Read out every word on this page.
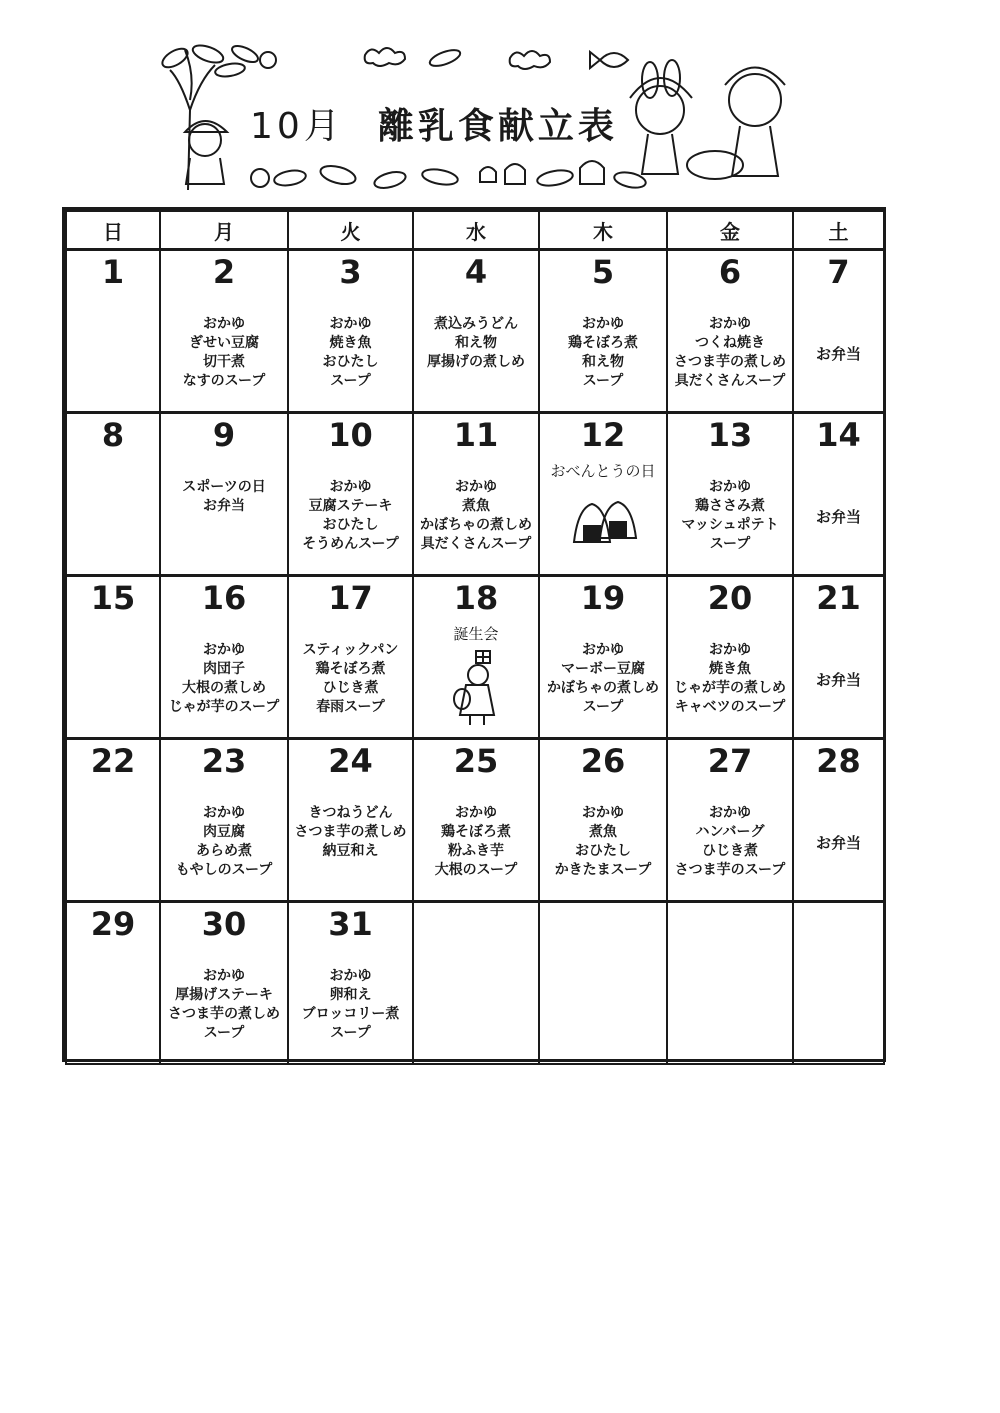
10月 離乳食献立表
日	月	火	水	木	金	土

1	2
おかゆ
ぎせい豆腐
切干煮
なすのスープ	3
おかゆ
焼き魚
おひたし
スープ	4
煮込みうどん
和え物
厚揚げの煮しめ	5
おかゆ
鶏そぼろ煮
和え物
スープ	6
おかゆ
つくね焼き
さつま芋の煮しめ
具だくさんスープ	7
お弁当

8	9
スポーツの日
お弁当	10
おかゆ
豆腐ステーキ
おひたし
そうめんスープ	11
おかゆ
煮魚
かぼちゃの煮しめ
具だくさんスープ	12
おべんとうの日	13
おかゆ
鶏ささみ煮
マッシュポテト
スープ	14
お弁当

15	16
おかゆ
肉団子
大根の煮しめ
じゃが芋のスープ	17
スティックパン
鶏そぼろ煮
ひじき煮
春雨スープ	18
誕生会	19
おかゆ
マーボー豆腐
かぼちゃの煮しめ
スープ	20
おかゆ
焼き魚
じゃが芋の煮しめ
キャベツのスープ	21
お弁当

22	23
おかゆ
肉豆腐
あらめ煮
もやしのスープ	24
きつねうどん
さつま芋の煮しめ
納豆和え	25
おかゆ
鶏そぼろ煮
粉ふき芋
大根のスープ	26
おかゆ
煮魚
おひたし
かきたまスープ	27
おかゆ
ハンバーグ
ひじき煮
さつま芋のスープ	28
お弁当

29	30
おかゆ
厚揚げステーキ
さつま芋の煮しめ
スープ	31
おかゆ
卵和え
ブロッコリー煮
スープ				
